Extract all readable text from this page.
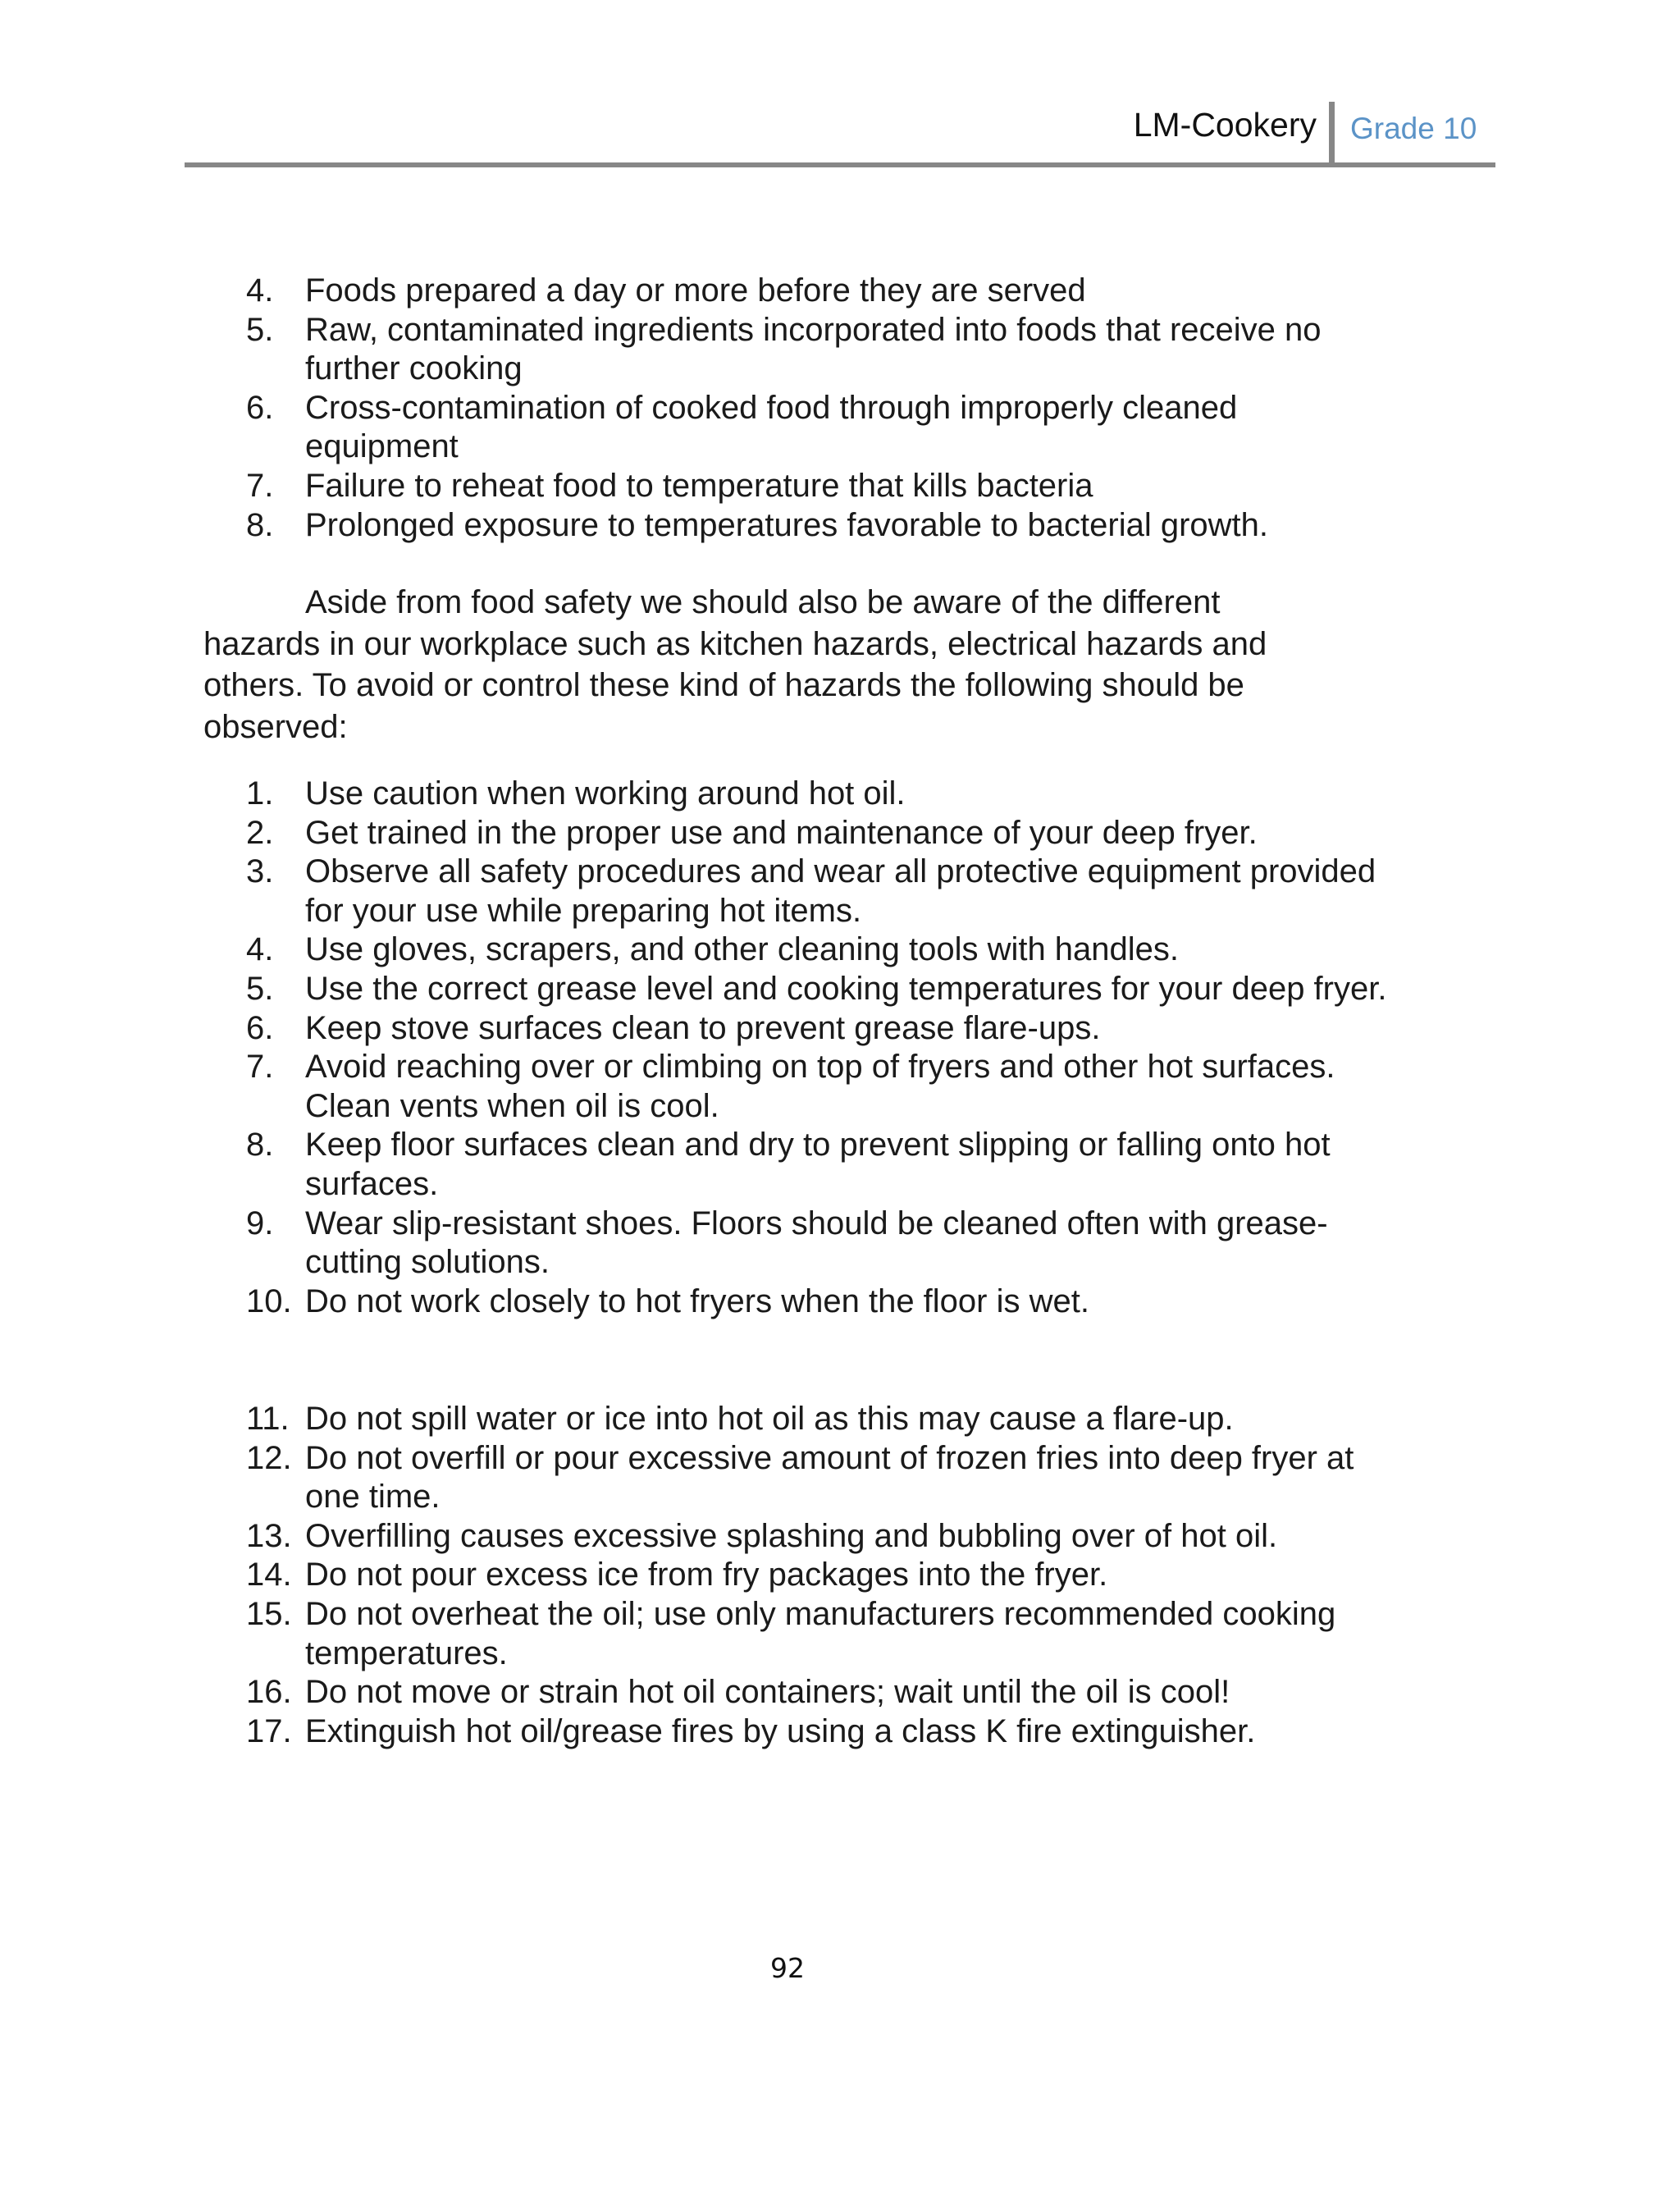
LM-Cookery Grade 10
4. Foods prepared a day or more before they are served
5. Raw, contaminated ingredients incorporated into foods that receive no further cooking
6. Cross-contamination of cooked food through improperly cleaned equipment
7. Failure to reheat food to temperature that kills bacteria
8. Prolonged exposure to temperatures favorable to bacterial growth.

Aside from food safety we should also be aware of the different hazards in our workplace such as kitchen hazards, electrical hazards and others. To avoid or control these kind of hazards the following should be observed:

1. Use caution when working around hot oil.
2. Get trained in the proper use and maintenance of your deep fryer.
3. Observe all safety procedures and wear all protective equipment provided for your use while preparing hot items.
4. Use gloves, scrapers, and other cleaning tools with handles.
5. Use the correct grease level and cooking temperatures for your deep fryer.
6. Keep stove surfaces clean to prevent grease flare-ups.
7. Avoid reaching over or climbing on top of fryers and other hot surfaces. Clean vents when oil is cool.
8. Keep floor surfaces clean and dry to prevent slipping or falling onto hot surfaces.
9. Wear slip-resistant shoes. Floors should be cleaned often with grease-cutting solutions.
10. Do not work closely to hot fryers when the floor is wet.
11. Do not spill water or ice into hot oil as this may cause a flare-up.
12. Do not overfill or pour excessive amount of frozen fries into deep fryer at one time.
13. Overfilling causes excessive splashing and bubbling over of hot oil.
14. Do not pour excess ice from fry packages into the fryer.
15. Do not overheat the oil; use only manufacturers recommended cooking temperatures.
16. Do not move or strain hot oil containers; wait until the oil is cool!
17. Extinguish hot oil/grease fires by using a class K fire extinguisher.
92
